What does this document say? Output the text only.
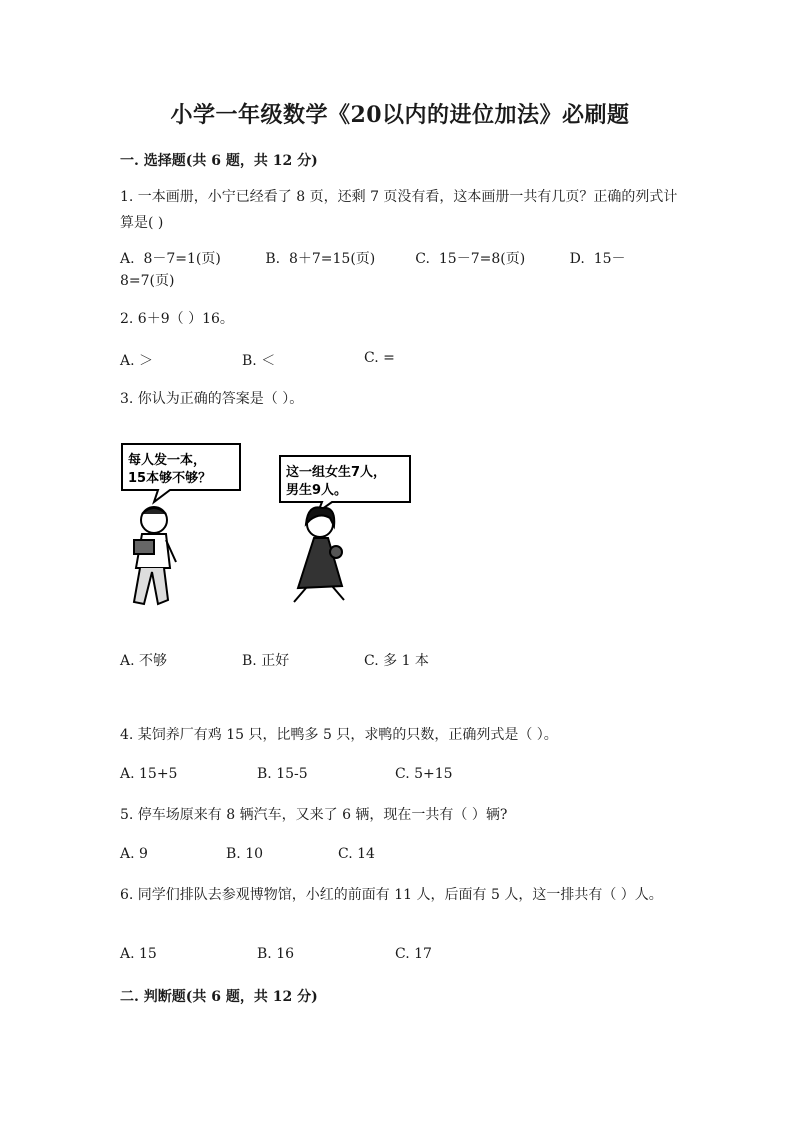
小学一年级数学《20以内的进位加法》必刷题
一. 选择题(共 6 题，共 12 分)
1. 一本画册，小宁已经看了 8 页，还剩 7 页没有看，这本画册一共有几页？正确的列式计算是( )
A.  8－7=1(页)          B.  8＋7=15(页)         C.  15－7=8(页)          D.  15－
8=7(页)
2. 6＋9（ ）16。
A. ＞	B. ＜	C. =
3. 你认为正确的答案是（ ）。
每人发一本，
15本够不够？	这一组女生7人，
男生9人。
A. 不够	B. 正好	C. 多 1 本
4. 某饲养厂有鸡 15 只，比鸭多 5 只，求鸭的只数，正确列式是（ ）。
A. 15+5	B. 15-5	C. 5+15
5. 停车场原来有 8 辆汽车，又来了 6 辆，现在一共有（ ）辆?
A. 9	B. 10	C. 14
6. 同学们排队去参观博物馆，小红的前面有 11 人，后面有 5 人，这一排共有（ ）人。
A. 15	B. 16	C. 17
二. 判断题(共 6 题，共 12 分)
